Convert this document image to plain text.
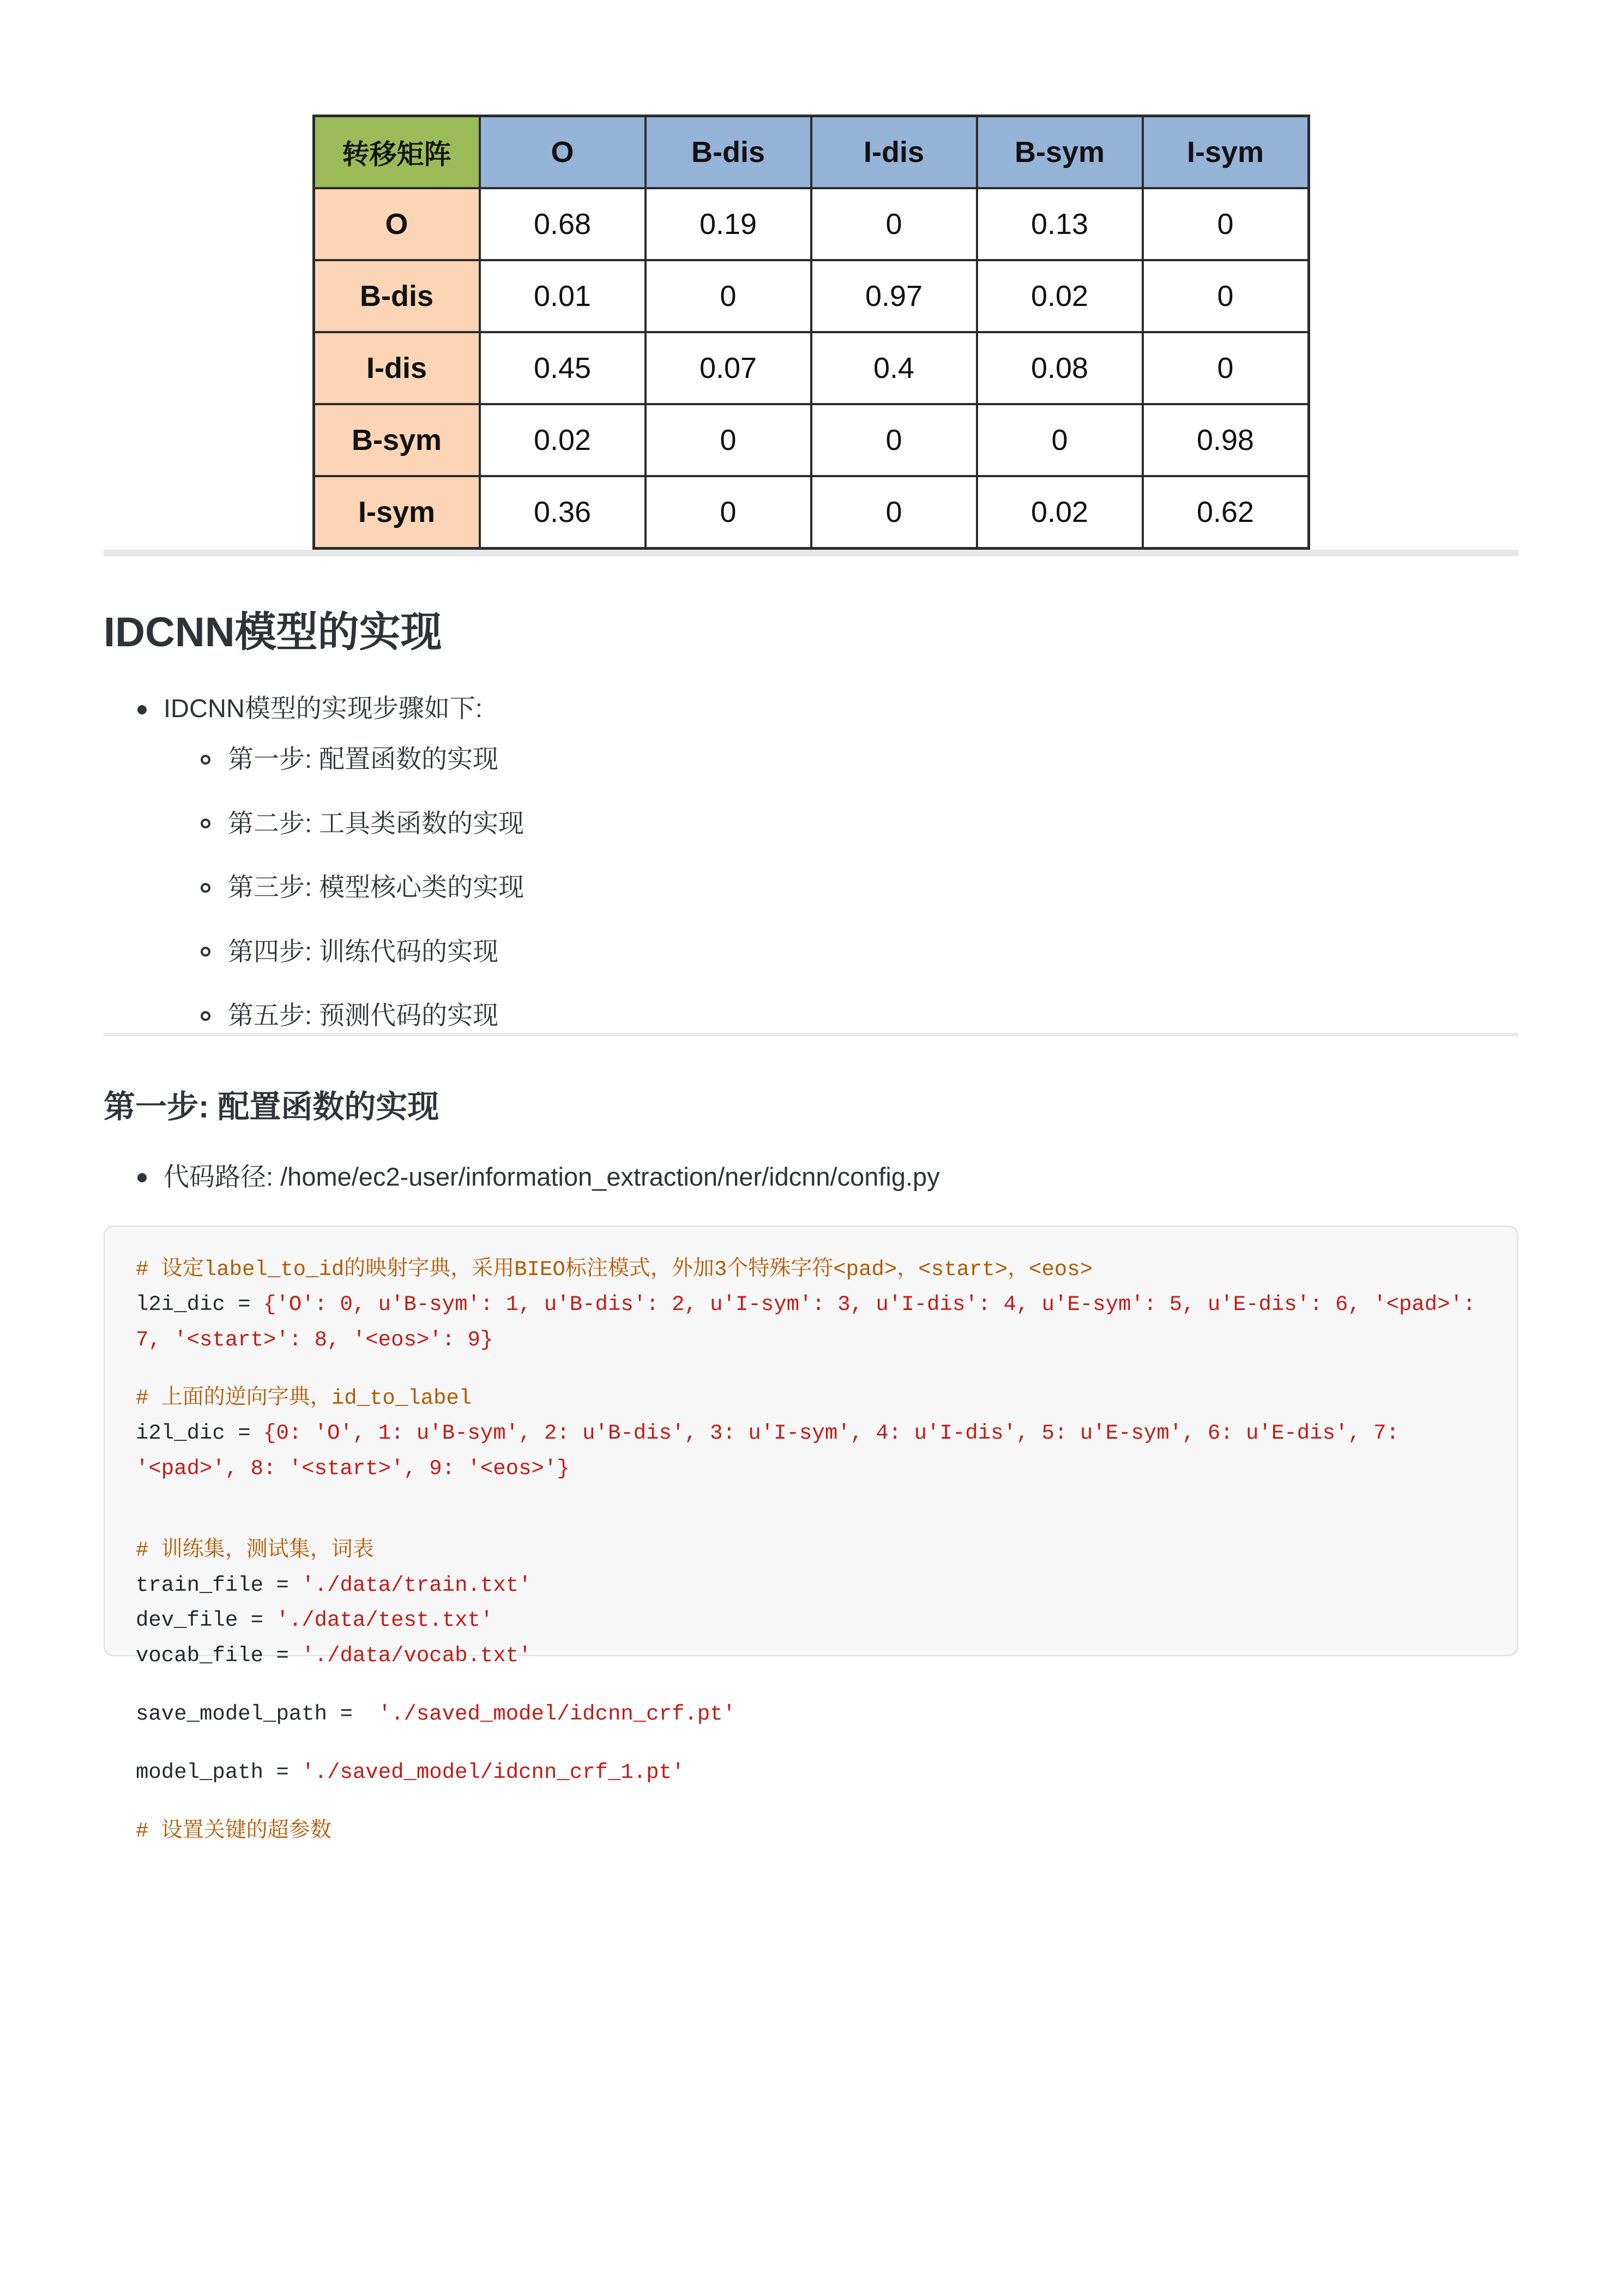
转移矩阵	O	B-dis	I-dis	B-sym	I-sym
O	0.68	0.19	0	0.13	0
B-dis	0.01	0	0.97	0.02	0
I-dis	0.45	0.07	0.4	0.08	0
B-sym	0.02	0	0	0	0.98
I-sym	0.36	0	0	0.02	0.62
IDCNN模型的实现
IDCNN模型的实现步骤如下:
第一步: 配置函数的实现
第二步: 工具类函数的实现
第三步: 模型核心类的实现
第四步: 训练代码的实现
第五步: 预测代码的实现
第一步: 配置函数的实现
代码路径: /home/ec2-user/information_extraction/ner/idcnn/config.py
# 设定label_to_id的映射字典，采用BIEO标注模式，外加3个特殊字符<pad>，<start>，<eos>
l2i_dic = {'O': 0, u'B-sym': 1, u'B-dis': 2, u'I-sym': 3, u'I-dis': 4, u'E-sym': 5, u'E-dis': 6, '<pad>': 7, '<start>': 8, '<eos>': 9}
# 上面的逆向字典，id_to_label
i2l_dic = {0: 'O', 1: u'B-sym', 2: u'B-dis', 3: u'I-sym', 4: u'I-dis', 5: u'E-sym', 6: u'E-dis', 7: '<pad>', 8: '<start>', 9: '<eos>'}
# 训练集，测试集，词表
train_file = './data/train.txt'
dev_file = './data/test.txt'
vocab_file = './data/vocab.txt'
save_model_path = './saved_model/idcnn_crf.pt'
model_path = './saved_model/idcnn_crf_1.pt'
# 设置关键的超参数
